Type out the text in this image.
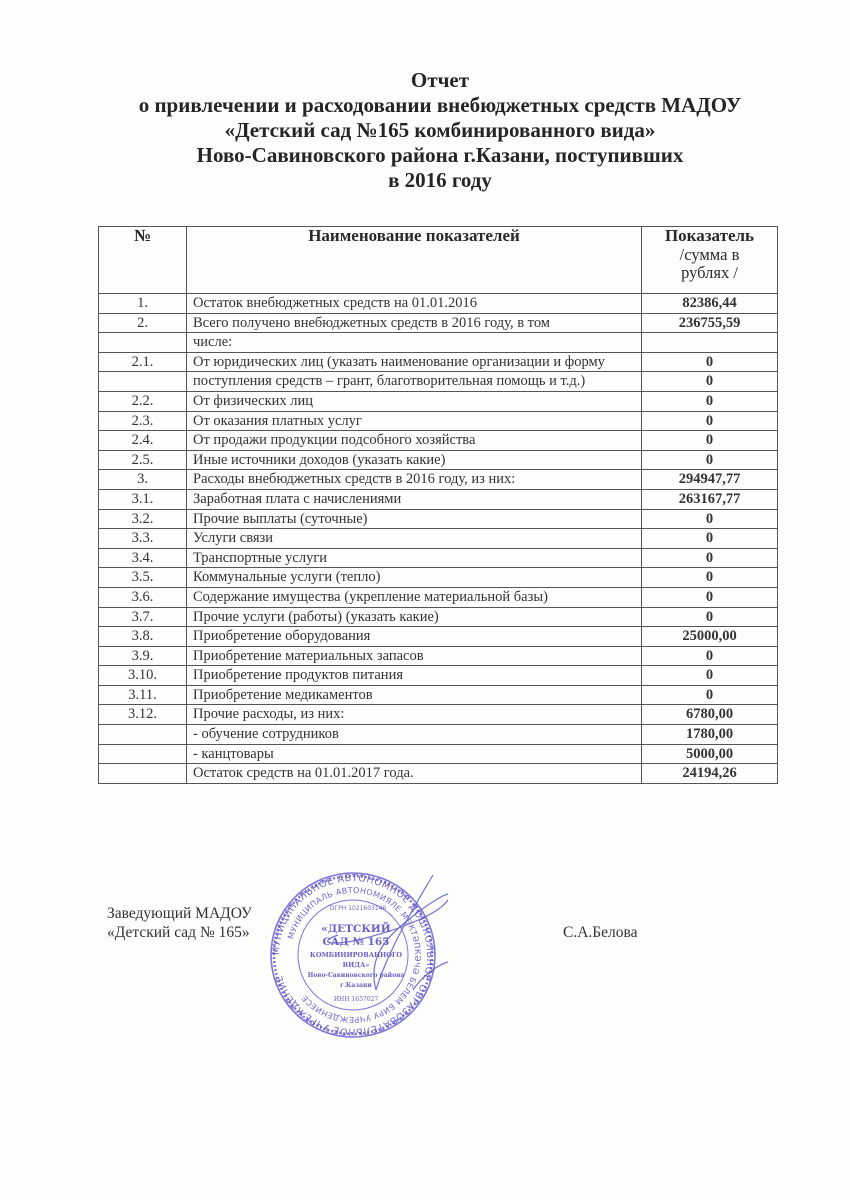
Отчет
о привлечении и расходовании внебюджетных средств МАДОУ
«Детский сад №165 комбинированного вида»
Ново-Савиновского района г.Казани, поступивших
в 2016 году
№	Наименование показателей	Показатель
/сумма в
рублях /

1.	Остаток внебюджетных средств на 01.01.2016	82386,44
2.	Всего получено внебюджетных средств в 2016 году, в том	236755,59
	числе:	
2.1.	От юридических лиц (указать наименование организации и форму	0
	поступления средств – грант, благотворительная помощь и т.д.)	0
2.2.	От физических лиц	0
2.3.	От оказания платных услуг	0
2.4.	От продажи продукции подсобного хозяйства	0
2.5.	Иные источники доходов (указать какие)	0
3.	Расходы внебюджетных средств в 2016 году, из них:	294947,77
3.1.	Заработная плата с начислениями	263167,77
3.2.	Прочие выплаты (суточные)	0
3.3.	Услуги связи	0
3.4.	Транспортные услуги	0
3.5.	Коммунальные услуги (тепло)	0
3.6.	Содержание имущества (укрепление материальной базы)	0
3.7.	Прочие услуги (работы) (указать какие)	0
3.8.	Приобретение оборудования	25000,00
3.9.	Приобретение материальных запасов	0
3.10.	Приобретение продуктов питания	0
3.11.	Приобретение медикаментов	0
3.12.	Прочие расходы, из них:	6780,00
	- обучение сотрудников	1780,00
	- канцтовары	5000,00
	Остаток средств на 01.01.2017 года.	24194,26
Заведующий МАДОУ
«Детский сад № 165»	С.А.Белова
МУНИЦИПАЛЬНОЕ АВТОНОМНОЕ ДОШКОЛЬНОЕ ОБРАЗОВАТЕЛЬНОЕ УЧРЕЖДЕНИЕ
МУНИЦИПАЛЬ АВТОНОМИЯЛЕ МӘКТӘПКӘЧӘ БЕЛЕМ БИРУ УЧРЕЖДЕНИЕСЕ
ОГРН 1021603146
«ДЕТСКИЙ
САД № 165
КОМБИНИРОВАННОГО
ВИДА»
Ново-Савиновского района
г.Казани
ИНН 1657027
